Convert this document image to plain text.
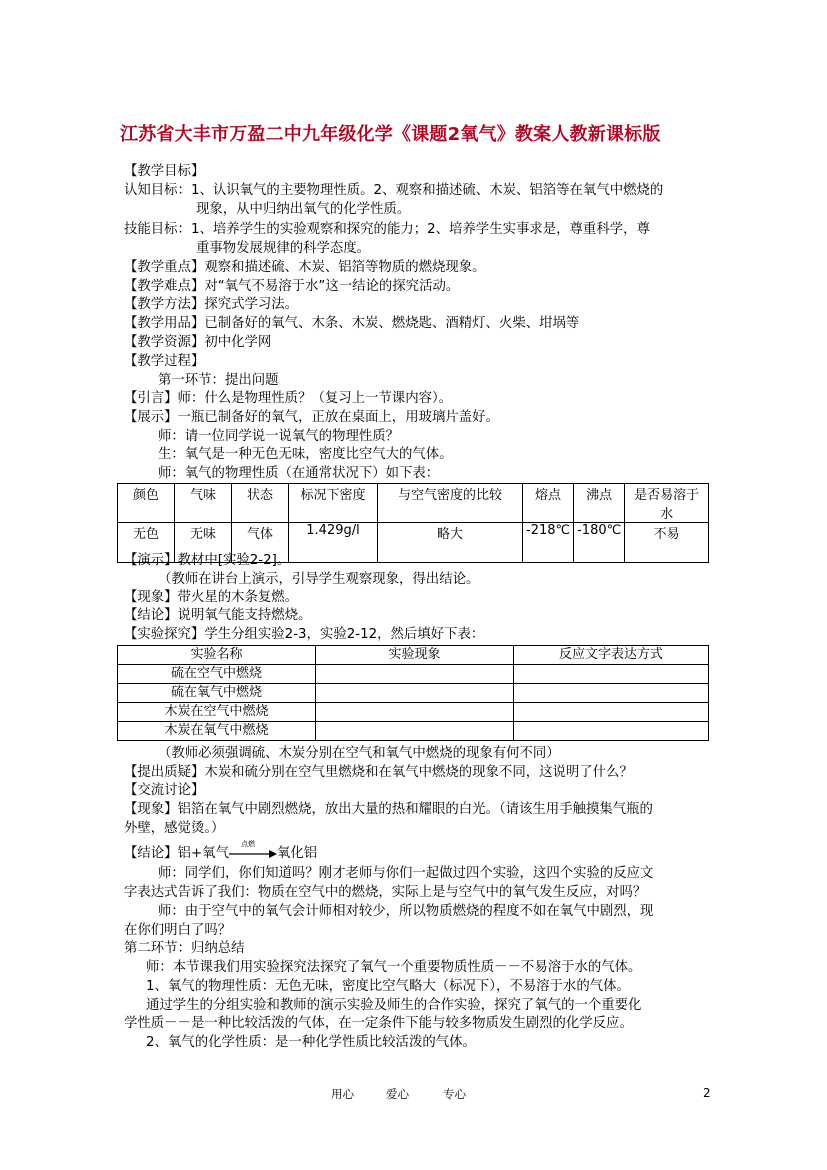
江苏省大丰市万盈二中九年级化学《课题2氧气》教案人教新课标版
【教学目标】
认知目标：1、认识氧气的主要物理性质。2、观察和描述硫、木炭、铝箔等在氧气中燃烧的
现象，从中归纳出氧气的化学性质。
技能目标：1、培养学生的实验观察和探究的能力；2、培养学生实事求是，尊重科学，尊
重事物发展规律的科学态度。
【教学重点】观察和描述硫、木炭、铝箔等物质的燃烧现象。
【教学难点】对“氧气不易溶于水”这一结论的探究活动。
【教学方法】探究式学习法。
【教学用品】已制备好的氧气、木条、木炭、燃烧匙、酒精灯、火柴、坩埚等
【教学资源】初中化学网
【教学过程】
第一环节：提出问题
【引言】师：什么是物理性质？（复习上一节课内容）。
【展示】一瓶已制备好的氧气，正放在桌面上，用玻璃片盖好。
师：请一位同学说一说氧气的物理性质？
生：氧气是一种无色无味，密度比空气大的气体。
师：氧气的物理性质（在通常状况下）如下表：
颜色	气味	状态	标况下密度	与空气密度的比较	熔点	沸点	是否易溶于水
无色	无味	气体	1.429g/l	略大	-218℃	-180℃	不易
【演示】教材中[实验2-2]。
（教师在讲台上演示，引导学生观察现象，得出结论。
【现象】带火星的木条复燃。
【结论】说明氧气能支持燃烧。
【实验探究】学生分组实验2-3，实验2-12，然后填好下表：
实验名称	实验现象	反应文字表达方式
硫在空气中燃烧		
硫在氧气中燃烧		
木炭在空气中燃烧		
木炭在氧气中燃烧		
（教师必须强调硫、木炭分别在空气和氧气中燃烧的现象有何不同）
【提出质疑】木炭和硫分别在空气里燃烧和在氧气中燃烧的现象不同，这说明了什么？
【交流讨论】
【现象】铝箔在氧气中剧烈燃烧，放出大量的热和耀眼的白光。（请该生用手触摸集气瓶的
外壁，感觉烫。）
【结论】铝+氧气
点燃
氧化铝
师：同学们，你们知道吗？刚才老师与你们一起做过四个实验，这四个实验的反应文
字表达式告诉了我们：物质在空气中的燃烧，实际上是与空气中的氧气发生反应，对吗？
师：由于空气中的氧气会计师相对较少，所以物质燃烧的程度不如在氧气中剧烈，现
在你们明白了吗？
第二环节：归纳总结
师：本节课我们用实验探究法探究了氧气一个重要物质性质－－不易溶于水的气体。
1、氧气的物理性质：无色无味，密度比空气略大（标况下），不易溶于水的气体。
通过学生的分组实验和教师的演示实验及师生的合作实验，探究了氧气的一个重要化
学性质－－是一种比较活泼的气体，在一定条件下能与较多物质发生剧烈的化学反应。
2、氧气的化学性质：是一种化学性质比较活泼的气体。
用心	爱心	专心	2
